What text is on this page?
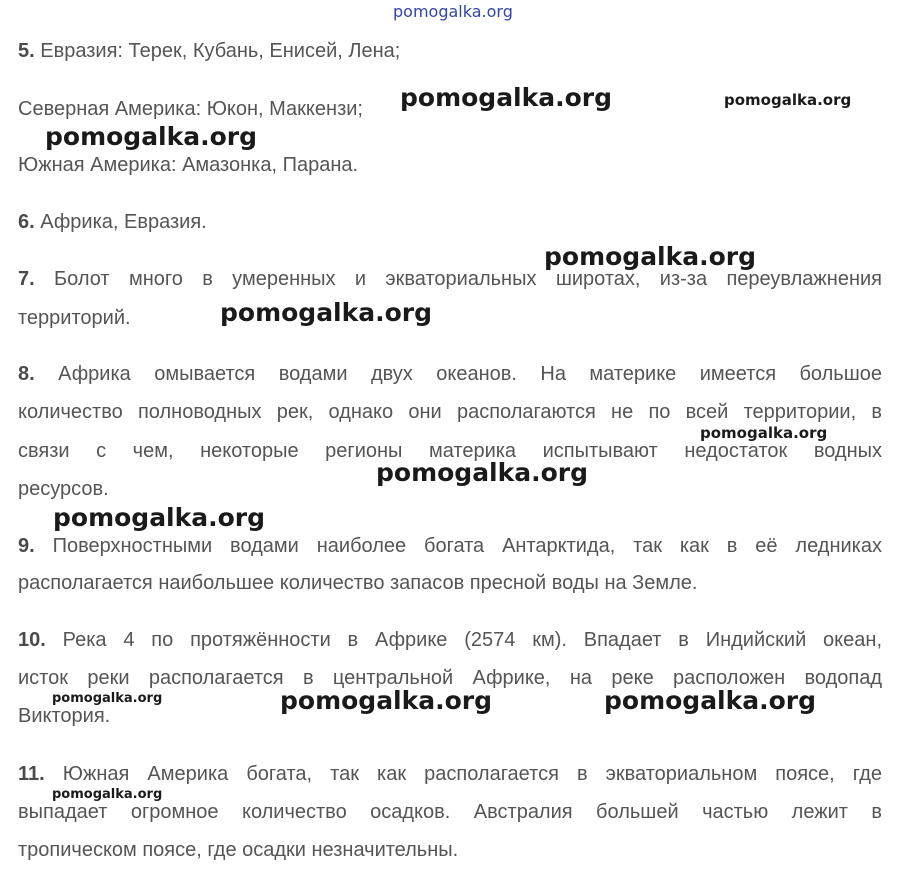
pomogalka.org
5. Евразия: Терек, Кубань, Енисей, Лена;
Северная Америка: Юкон, Маккензи;
Южная Америка: Амазонка, Парана.
6. Африка, Евразия.
7. Болот много в умеренных и экваториальных широтах, из-за переувлажнения
территорий.
8. Африка омывается водами двух океанов. На материке имеется большое
количество полноводных рек, однако они располагаются не по всей территории, в
связи с чем, некоторые регионы материка испытывают недостаток водных
ресурсов.
9. Поверхностными водами наиболее богата Антарктида, так как в её ледниках
располагается наибольшее количество запасов пресной воды на Земле.
10. Река 4 по протяжённости в Африке (2574 км). Впадает в Индийский океан,
исток реки располагается в центральной Африке, на реке расположен водопад
Виктория.
11. Южная Америка богата, так как располагается в экваториальном поясе, где
выпадает огромное количество осадков. Австралия большей частью лежит в
тропическом поясе, где осадки незначительны.
pomogalka.org	pomogalka.org
pomogalka.org
pomogalka.org
pomogalka.org
pomogalka.org
pomogalka.org
pomogalka.org
pomogalka.org	pomogalka.org	pomogalka.org
pomogalka.org
